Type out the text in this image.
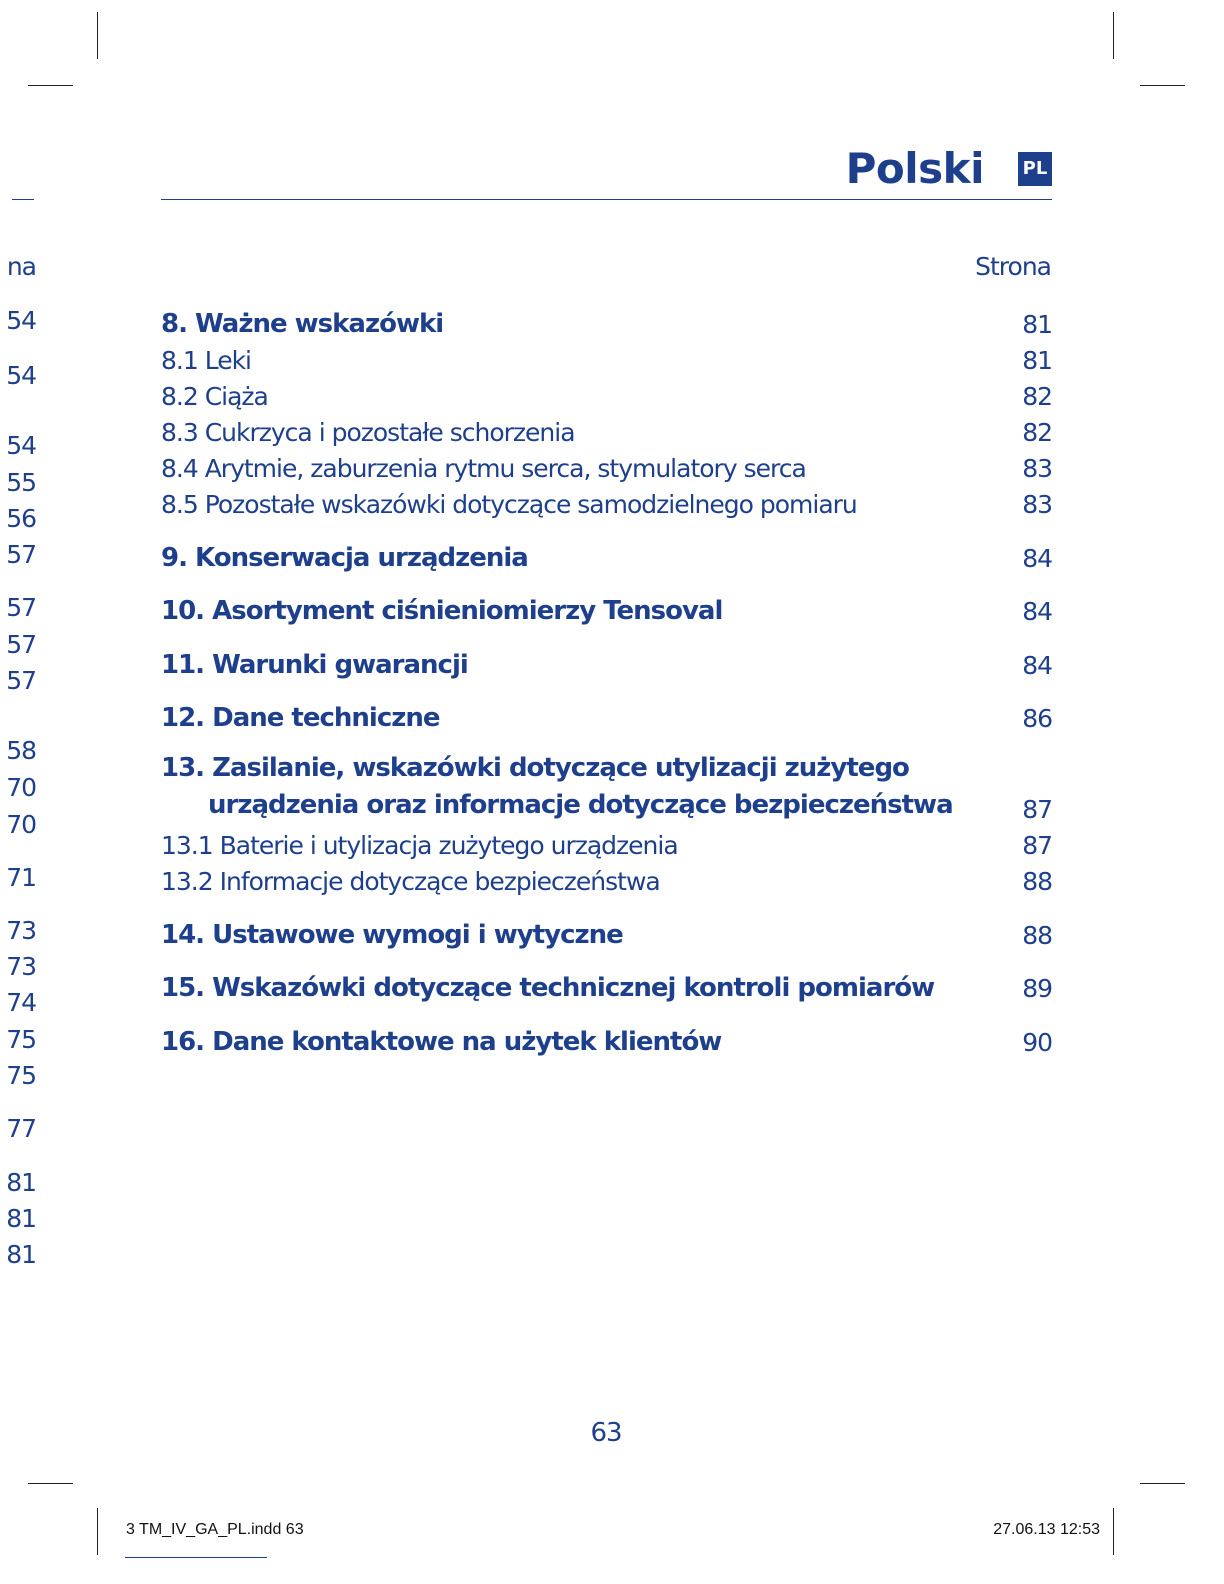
Polski PL
na
54
54
54
55
56
57
57
57
57
58
70
70
71
73
73
74
75
75
77
81
81
81
Strona
8. Ważne wskazówki	81
8.1 Leki	81
8.2 Ciąża	82
8.3 Cukrzyca i pozostałe schorzenia	82
8.4 Arytmie, zaburzenia rytmu serca, stymulatory serca	83
8.5 Pozostałe wskazówki dotyczące samodzielnego pomiaru	83
9. Konserwacja urządzenia	84
10. Asortyment ciśnieniomierzy Tensoval	84
11. Warunki gwarancji	84
12. Dane techniczne	86
13. Zasilanie, wskazówki dotyczące utylizacji zużytego
urządzenia oraz informacje dotyczące bezpieczeństwa	87
13.1 Baterie i utylizacja zużytego urządzenia	87
13.2 Informacje dotyczące bezpieczeństwa	88
14. Ustawowe wymogi i wytyczne	88
15. Wskazówki dotyczące technicznej kontroli pomiarów	89
16. Dane kontaktowe na użytek klientów	90
63
3 TM_IV_GA_PL.indd 63	27.06.13 12:53
